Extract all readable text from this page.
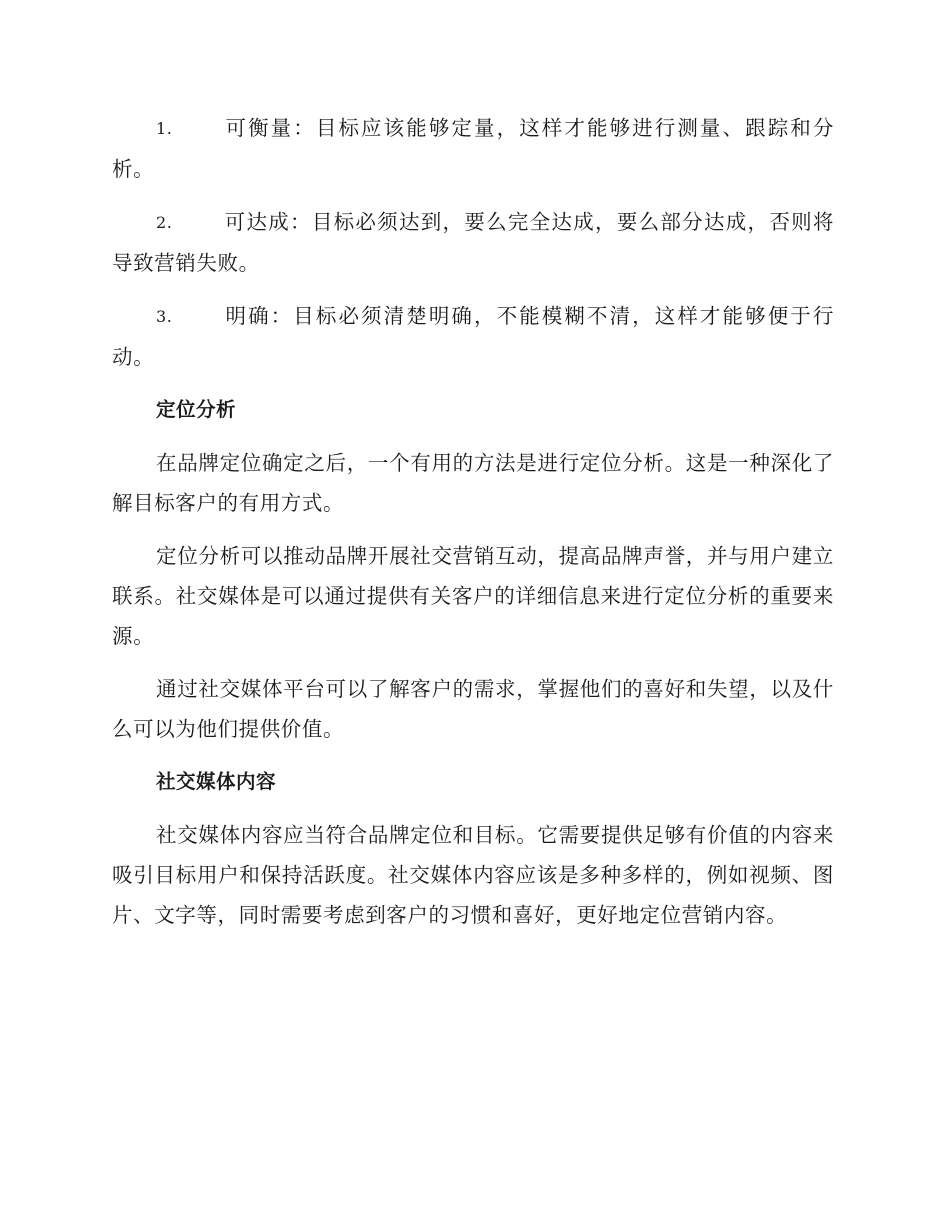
1.	可衡量：目标应该能够定量，这样才能够进行测量、跟踪和分析。
2.	可达成：目标必须达到，要么完全达成，要么部分达成，否则将导致营销失败。
3.	明确：目标必须清楚明确，不能模糊不清，这样才能够便于行动。
定位分析

在品牌定位确定之后，一个有用的方法是进行定位分析。这是一种深化了解目标客户的有用方式。

定位分析可以推动品牌开展社交营销互动，提高品牌声誉，并与用户建立联系。社交媒体是可以通过提供有关客户的详细信息来进行定位分析的重要来源。

通过社交媒体平台可以了解客户的需求，掌握他们的喜好和失望，以及什么可以为他们提供价值。

社交媒体内容

社交媒体内容应当符合品牌定位和目标。它需要提供足够有价值的内容来吸引目标用户和保持活跃度。社交媒体内容应该是多种多样的，例如视频、图片、文字等，同时需要考虑到客户的习惯和喜好，更好地定位营销内容。
